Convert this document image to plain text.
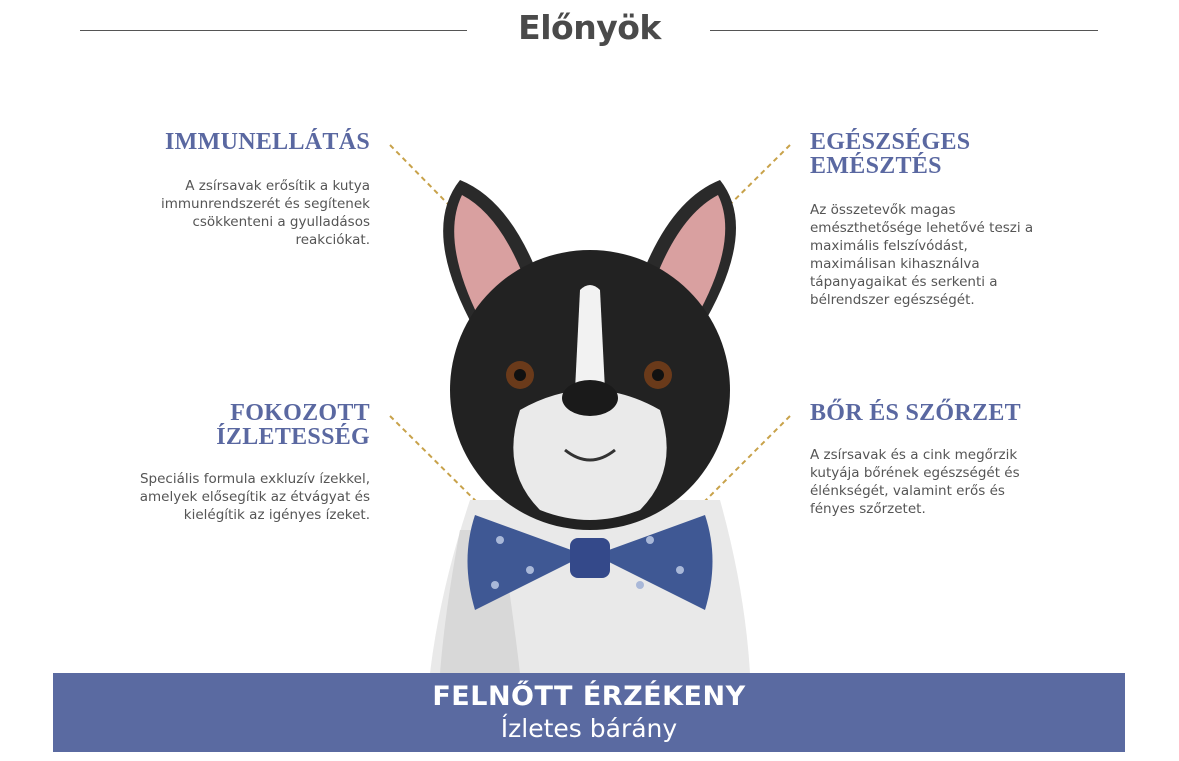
Előnyök
IMMUNELLÁTÁS
A zsírsavak erősítik a kutya
immunrendszerét és segítenek
csökkenteni a gyulladásos
reakciókat.
EGÉSZSÉGES
EMÉSZTÉS
Az összetevők magas
emészthetősége lehetővé teszi a
maximális felszívódást,
maximálisan kihasználva
tápanyagaikat és serkenti a
bélrendszer egészségét.
FOKOZOTT
ÍZLETESSÉG
Speciális formula exkluzív ízekkel,
amelyek elősegítik az étvágyat és
kielégítik az igényes ízeket.
BŐR ÉS SZŐRZET
A zsírsavak és a cink megőrzik
kutyája bőrének egészségét és
élénkségét, valamint erős és
fényes szőrzetet.
FELNŐTT ÉRZÉKENY
Ízletes bárány
